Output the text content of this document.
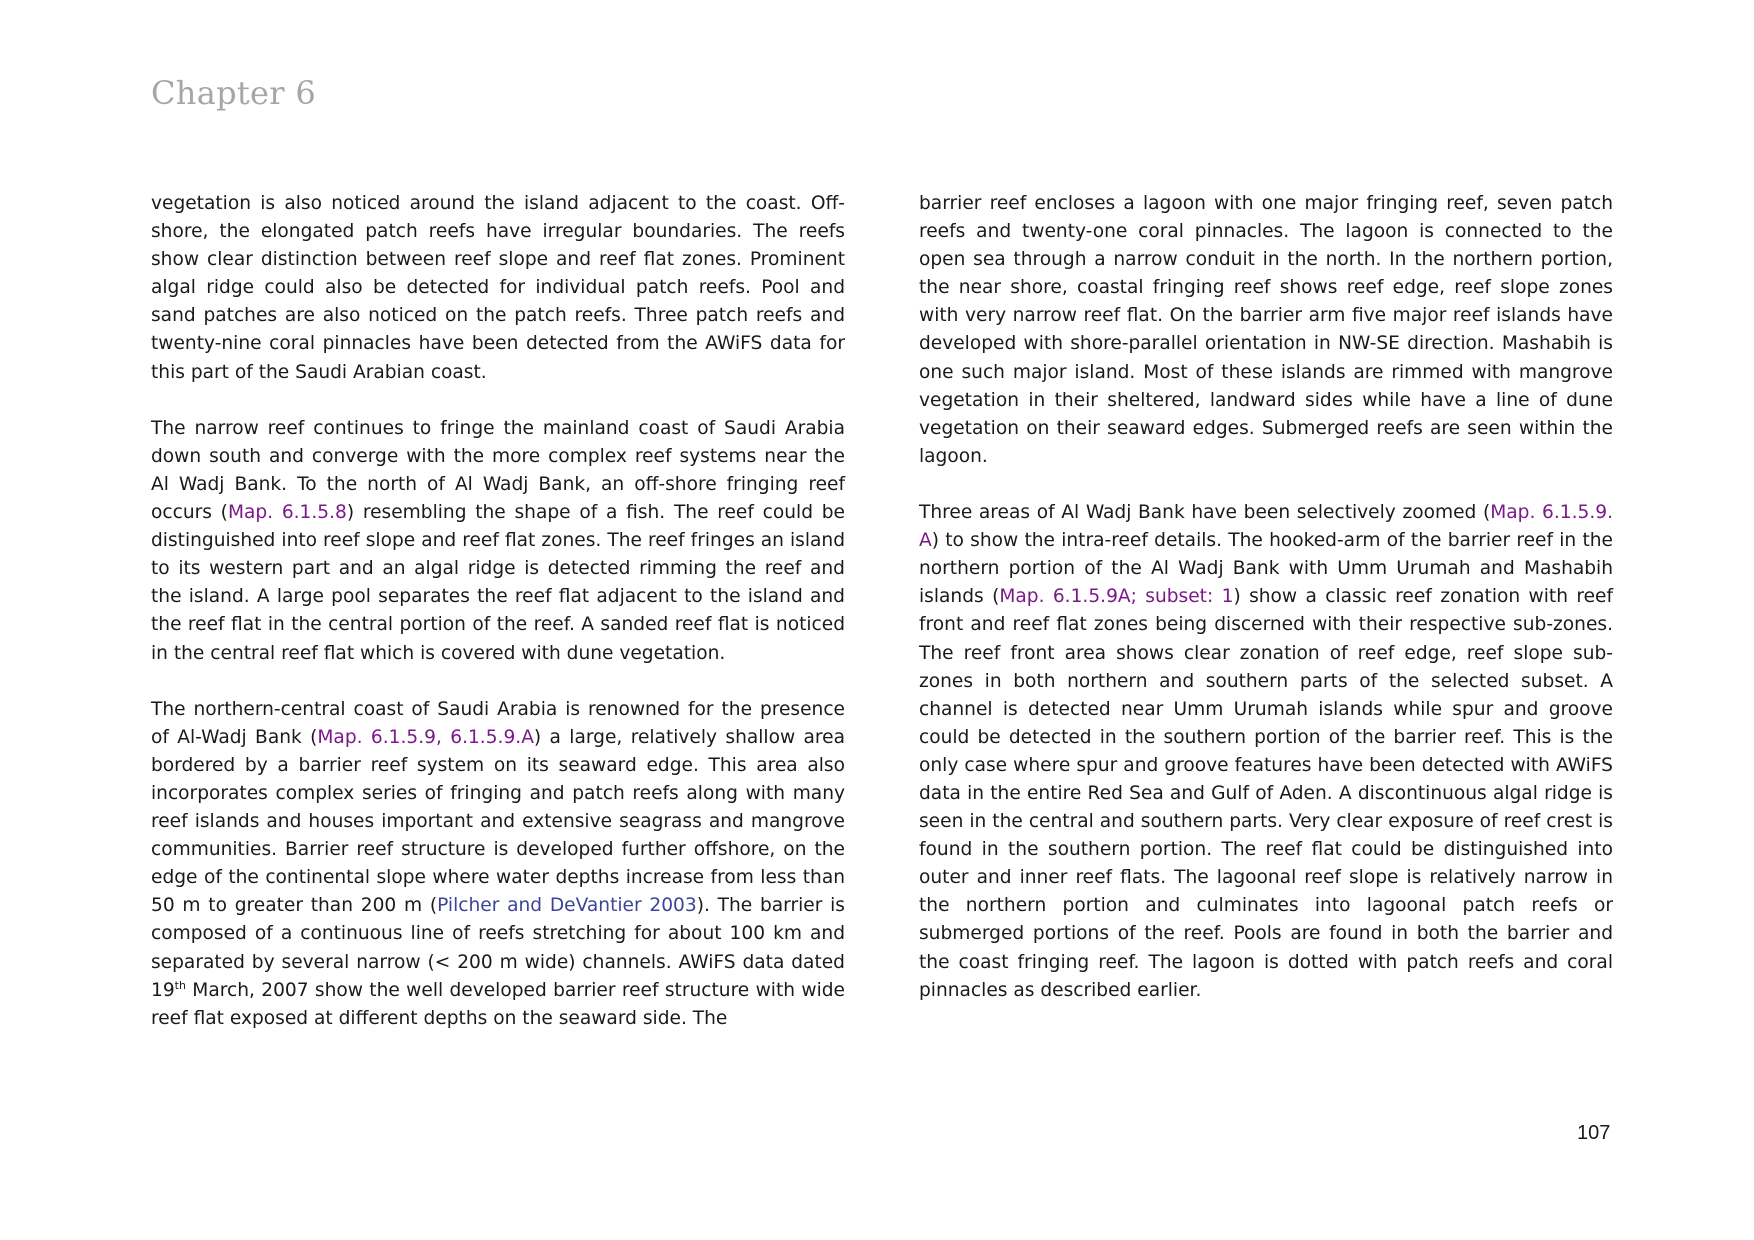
Chapter 6

vegetation is also noticed around the island adjacent to the coast. Off-shore, the elongated patch reefs have irregular boundaries. The reefs show clear distinction between reef slope and reef flat zones. Prominent algal ridge could also be detected for individual patch reefs. Pool and sand patches are also noticed on the patch reefs. Three patch reefs and twenty-nine coral pinnacles have been detected from the AWiFS data for this part of the Saudi Arabian coast.

The narrow reef continues to fringe the mainland coast of Saudi Arabia down south and converge with the more complex reef systems near the Al Wadj Bank. To the north of Al Wadj Bank, an off-shore fringing reef occurs (Map. 6.1.5.8) resembling the shape of a fish. The reef could be distinguished into reef slope and reef flat zones. The reef fringes an island to its western part and an algal ridge is detected rimming the reef and the island. A large pool separates the reef flat adjacent to the island and the reef flat in the central portion of the reef. A sanded reef flat is noticed in the central reef flat which is covered with dune vegetation.

The northern-central coast of Saudi Arabia is renowned for the presence of Al-Wadj Bank (Map. 6.1.5.9, 6.1.5.9.A) a large, relatively shallow area bordered by a barrier reef system on its seaward edge. This area also incorporates complex series of fringing and patch reefs along with many reef islands and houses important and extensive seagrass and mangrove communities. Barrier reef structure is developed further offshore, on the edge of the continental slope where water depths increase from less than 50 m to greater than 200 m (Pilcher and DeVantier 2003). The barrier is composed of a continuous line of reefs stretching for about 100 km and separated by several narrow (< 200 m wide) channels. AWiFS data dated 19th March, 2007 show the well developed barrier reef structure with wide reef flat exposed at different depths on the seaward side. The

barrier reef encloses a lagoon with one major fringing reef, seven patch reefs and twenty-one coral pinnacles. The lagoon is connected to the open sea through a narrow conduit in the north. In the northern portion, the near shore, coastal fringing reef shows reef edge, reef slope zones with very narrow reef flat. On the barrier arm five major reef islands have developed with shore-parallel orientation in NW-SE direction. Mashabih is one such major island. Most of these islands are rimmed with mangrove vegetation in their sheltered, landward sides while have a line of dune vegetation on their seaward edges. Submerged reefs are seen within the lagoon.

Three areas of Al Wadj Bank have been selectively zoomed (Map. 6.1.5.9. A) to show the intra-reef details. The hooked-arm of the barrier reef in the northern portion of the Al Wadj Bank with Umm Urumah and Mashabih islands (Map. 6.1.5.9A; subset: 1) show a classic reef zonation with reef front and reef flat zones being discerned with their respective sub-zones. The reef front area shows clear zonation of reef edge, reef slope sub-zones in both northern and southern parts of the selected subset. A channel is detected near Umm Urumah islands while spur and groove could be detected in the southern portion of the barrier reef. This is the only case where spur and groove features have been detected with AWiFS data in the entire Red Sea and Gulf of Aden. A discontinuous algal ridge is seen in the central and southern parts. Very clear exposure of reef crest is found in the southern portion. The reef flat could be distinguished into outer and inner reef flats. The lagoonal reef slope is relatively narrow in the northern portion and culminates into lagoonal patch reefs or submerged portions of the reef. Pools are found in both the barrier and the coast fringing reef. The lagoon is dotted with patch reefs and coral pinnacles as described earlier.

107
